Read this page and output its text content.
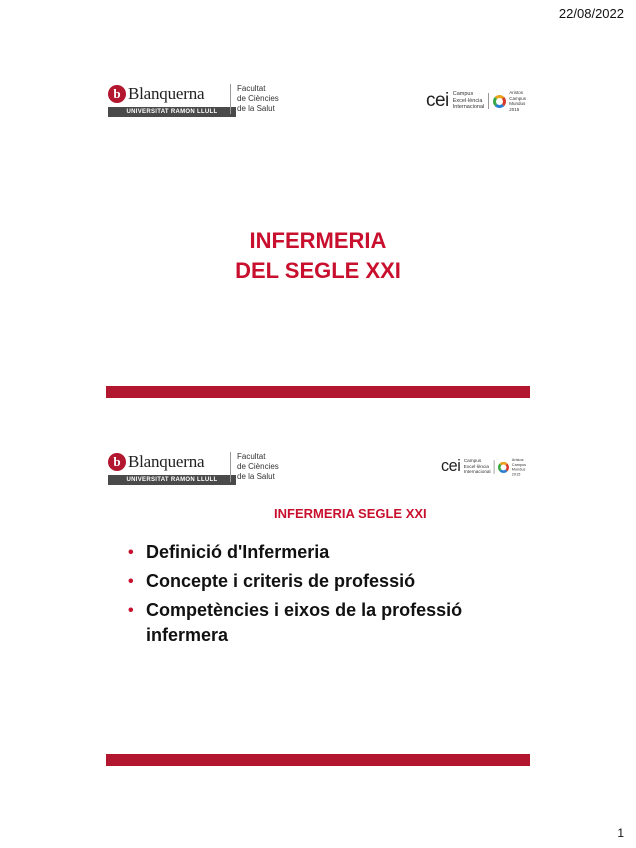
22/08/2022
b Blanquerna
UNIVERSITAT RAMON LLULL
Facultat
de Ciències
de la Salut	cei Campus
Excel·lència
Internacional
Aristos
Campus
Mundus
2015
INFERMERIA
DEL SEGLE XXI
b Blanquerna
UNIVERSITAT RAMON LLULL
Facultat
de Ciències
de la Salut
cei Campus
Excel·lència
Internacional
Aristos
Campus
Mundus
2015
INFERMERIA SEGLE XXI
• Definició d'Infermeria
• Concepte i criteris de professió
• Competències i eixos de la professió infermera
1
